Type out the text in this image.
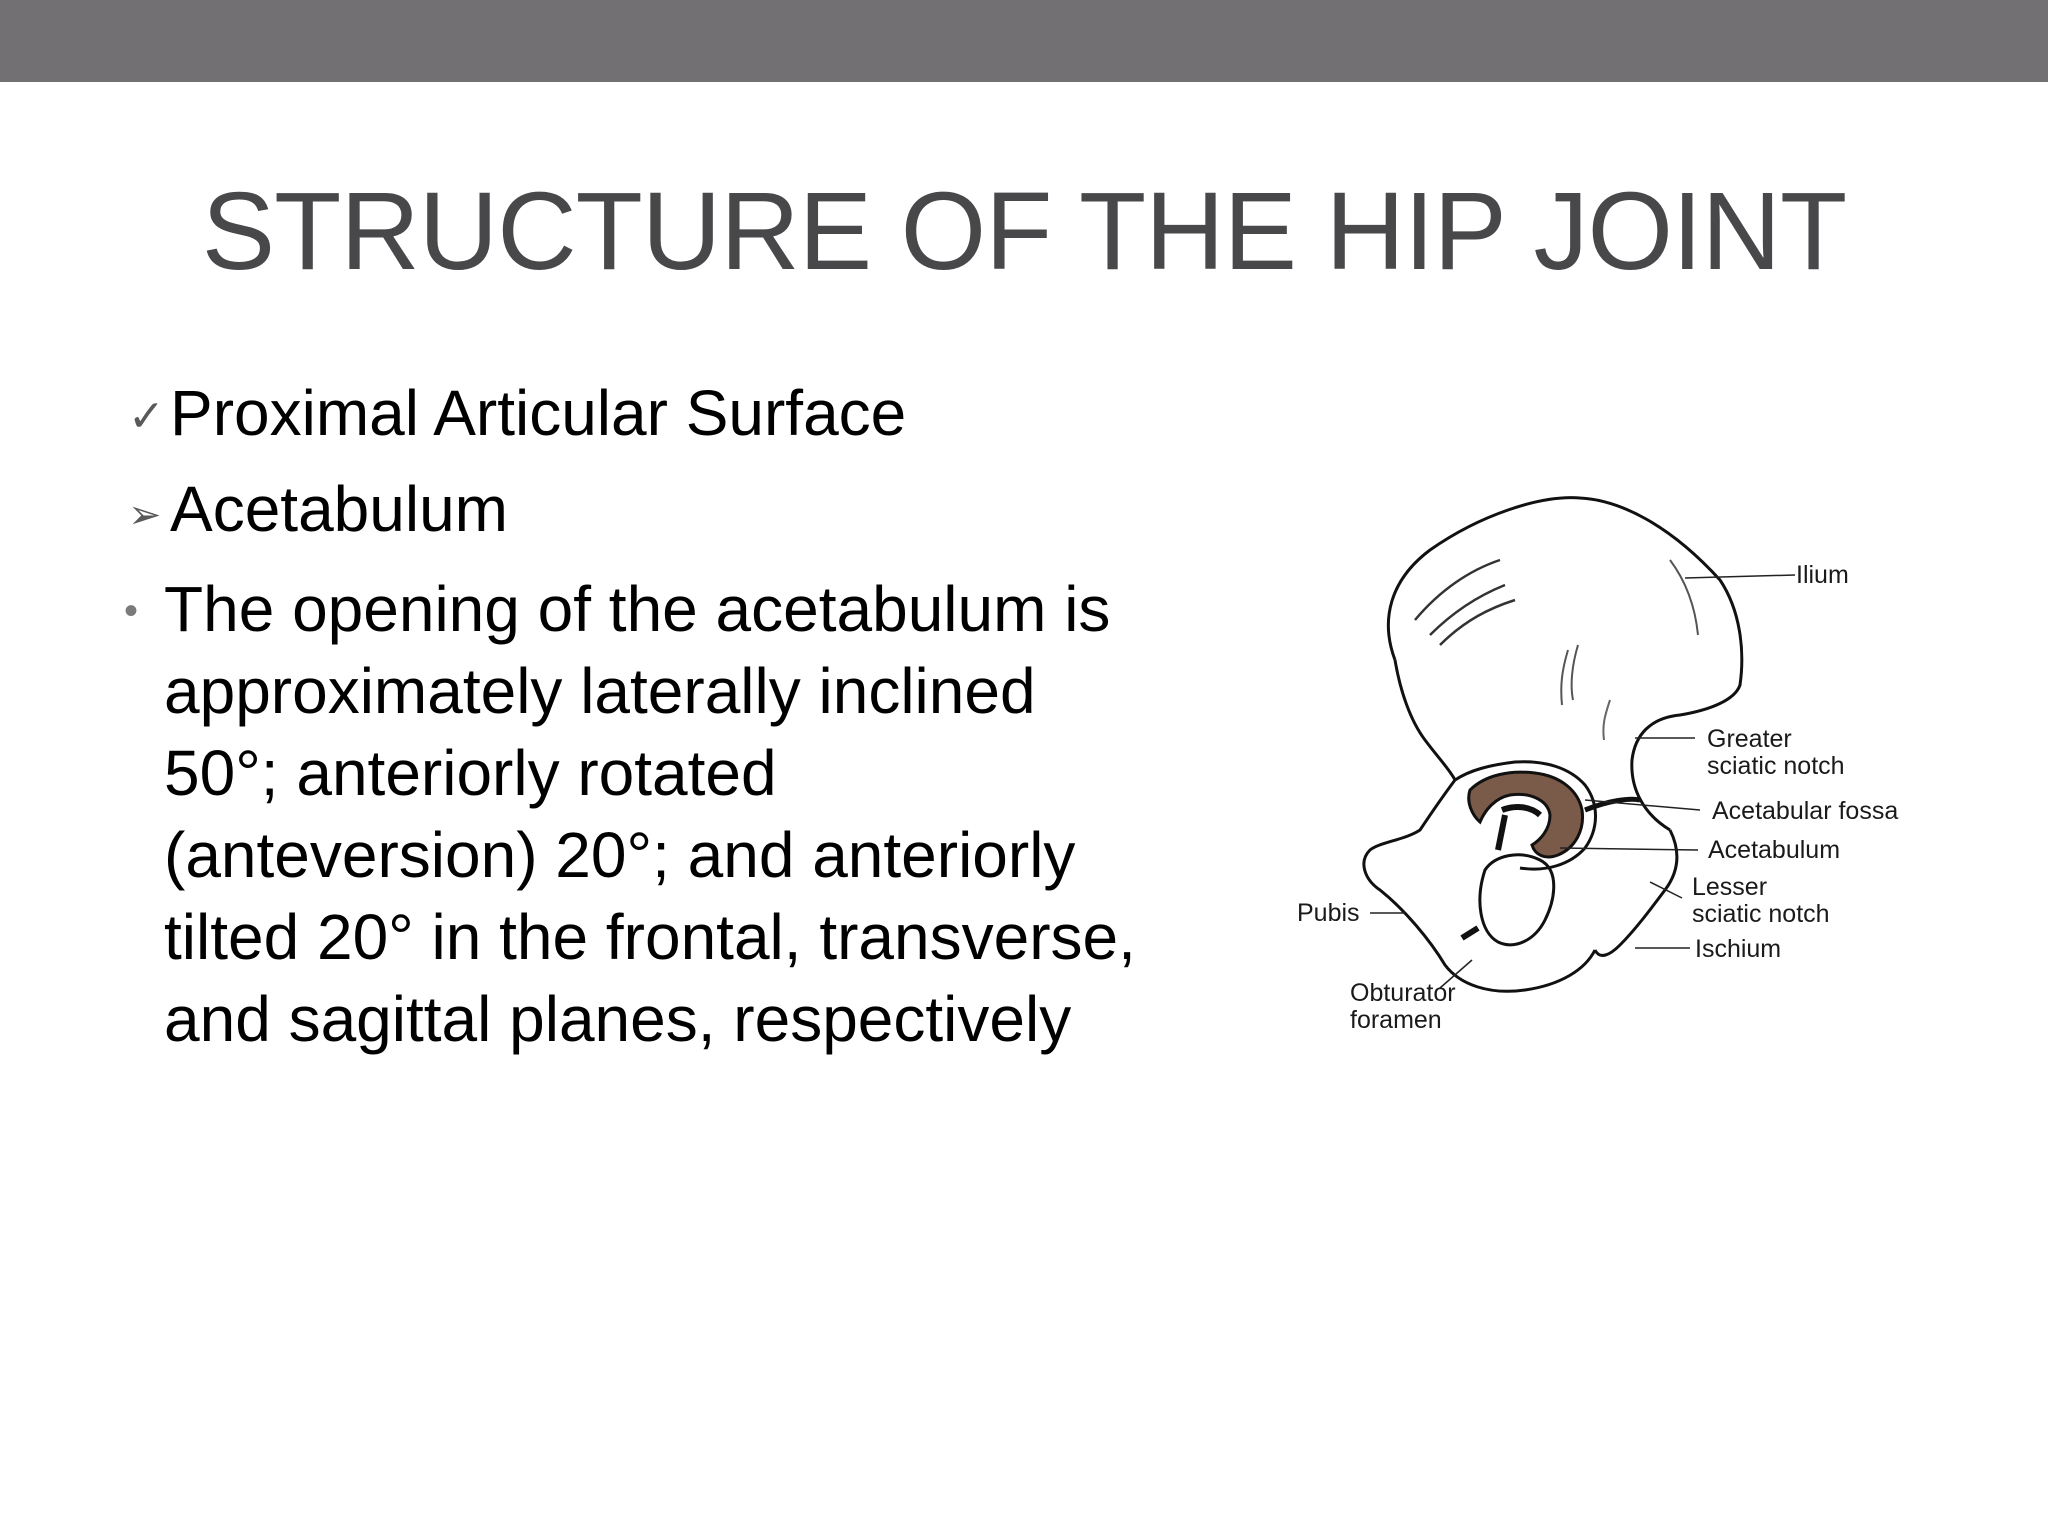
STRUCTURE OF THE HIP JOINT
✓ Proximal Articular Surface
➢ Acetabulum
• The opening of the acetabulum is
approximately laterally inclined
50°; anteriorly rotated
(anteversion) 20°; and anteriorly
tilted 20° in the frontal, transverse,
and sagittal planes, respectively
Ilium
Greater
sciatic notch
Acetabular fossa
Acetabulum
Lesser
sciatic notch
Ischium
Pubis
Obturator
foramen
